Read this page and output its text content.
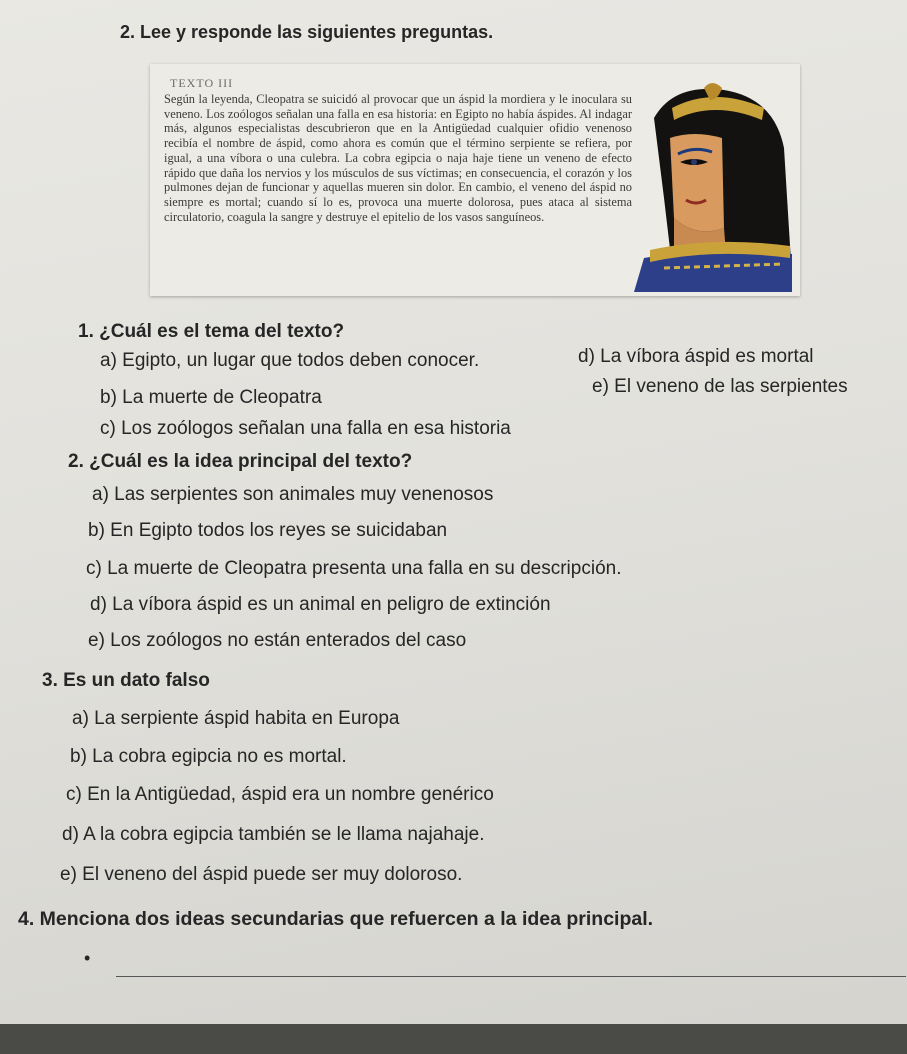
2. Lee y responde las siguientes preguntas.
TEXTO III
Según la leyenda, Cleopatra se suicidó al provocar que un áspid la mordiera y le inoculara su veneno. Los zoólogos señalan una falla en esa historia: en Egipto no había áspides. Al indagar más, algunos especialistas descubrieron que en la Antigüedad cualquier ofidio venenoso recibía el nombre de áspid, como ahora es común que el término serpiente se refiera, por igual, a una víbora o una culebra. La cobra egipcia o naja haje tiene un veneno de efecto rápido que daña los nervios y los músculos de sus víctimas; en consecuencia, el corazón y los pulmones dejan de funcionar y aquellas mueren sin dolor. En cambio, el veneno del áspid no siempre es mortal; cuando sí lo es, provoca una muerte dolorosa, pues ataca al sistema circulatorio, coagula la sangre y destruye el epitelio de los vasos sanguíneos.
1. ¿Cuál es el tema del texto?
a) Egipto, un lugar que todos deben conocer.
b) La muerte de Cleopatra
c) Los zoólogos señalan una falla en esa historia
d) La víbora áspid es mortal
e) El veneno de las serpientes
2. ¿Cuál es la idea principal del texto?
a) Las serpientes son animales muy venenosos
b) En Egipto todos los reyes se suicidaban
c) La muerte de Cleopatra presenta una falla en su descripción.
d) La víbora áspid es un animal en peligro de extinción
e) Los zoólogos no están enterados del caso
3. Es un dato falso
a) La serpiente áspid habita en Europa
b) La cobra egipcia no es mortal.
c) En la Antigüedad, áspid era un nombre genérico
d) A la cobra egipcia también se le llama najahaje.
e) El veneno del áspid puede ser muy doloroso.
4. Menciona dos ideas secundarias que refuercen a la idea principal.
•
